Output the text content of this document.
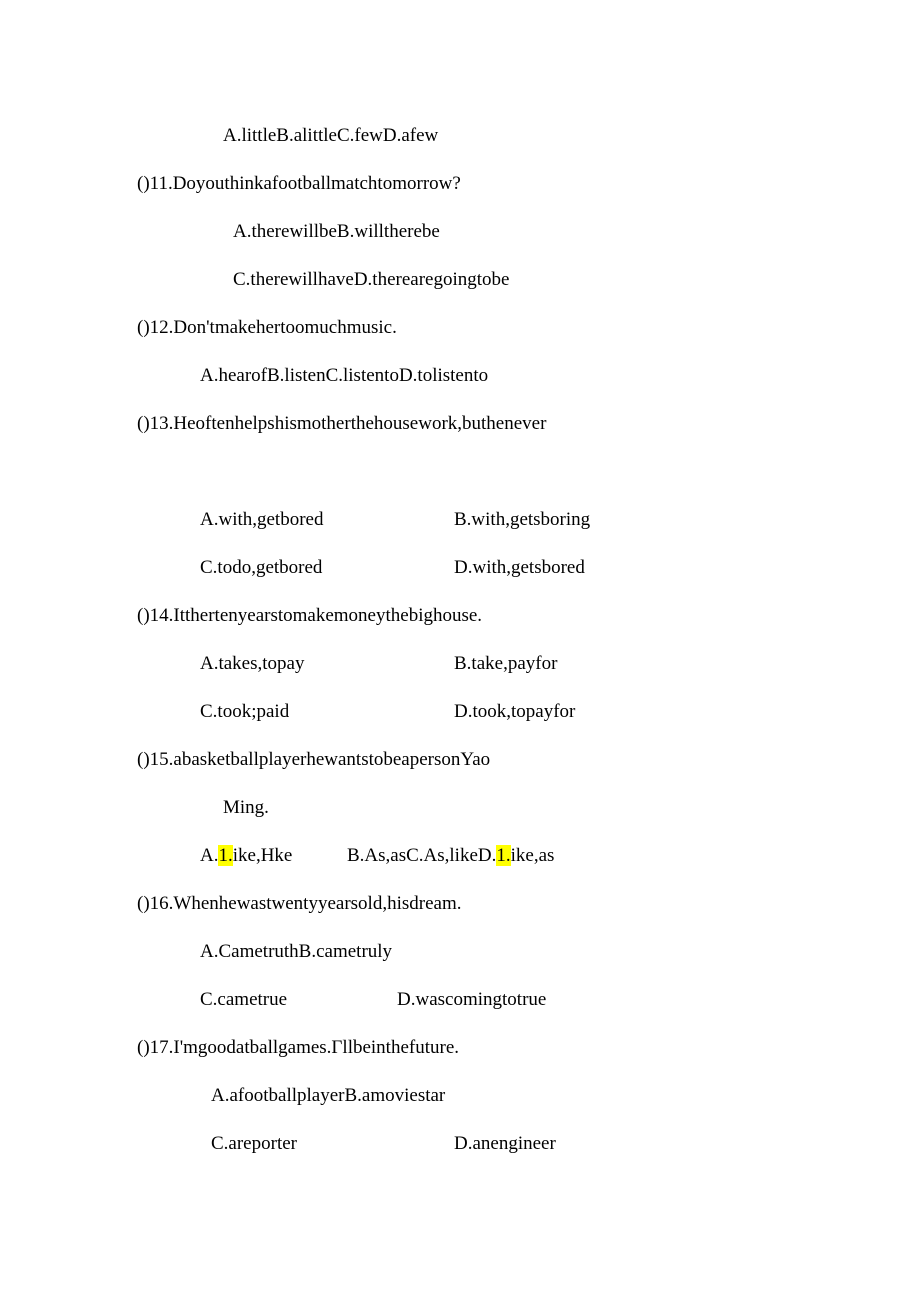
A.littleB.alittleC.fewD.afew
()11.Doyouthinkafootballmatchtomorrow?
A.therewillbeB.willtherebe
C.therewillhaveD.therearegoingtobe
()12.Don'tmakehertoomuchmusic.
A.hearofB.listenC.listentoD.tolistento
()13.Heoftenhelpshismotherthehousework,buthenever
A.with,getbored	B.with,getsboring
C.todo,getbored	D.with,getsbored
()14.Itthertenyearstomakemoneythebighouse.
A.takes,topay	B.take,payfor
C.took;paid	D.took,topayfor
()15.abasketballplayerhewantstobeapersonYao
Ming.
A.1.ike,Hke	B.As,asC.As,likeD.1.ike,as
()16.Whenhewastwentyyearsold,hisdream.
A.CametruthB.cametruly
C.cametrue	D.wascomingtotrue
()17.I'mgoodatballgames.Γllbeinthefuture.
A.afootballplayerB.amoviestar
C.areporter	D.anengineer
